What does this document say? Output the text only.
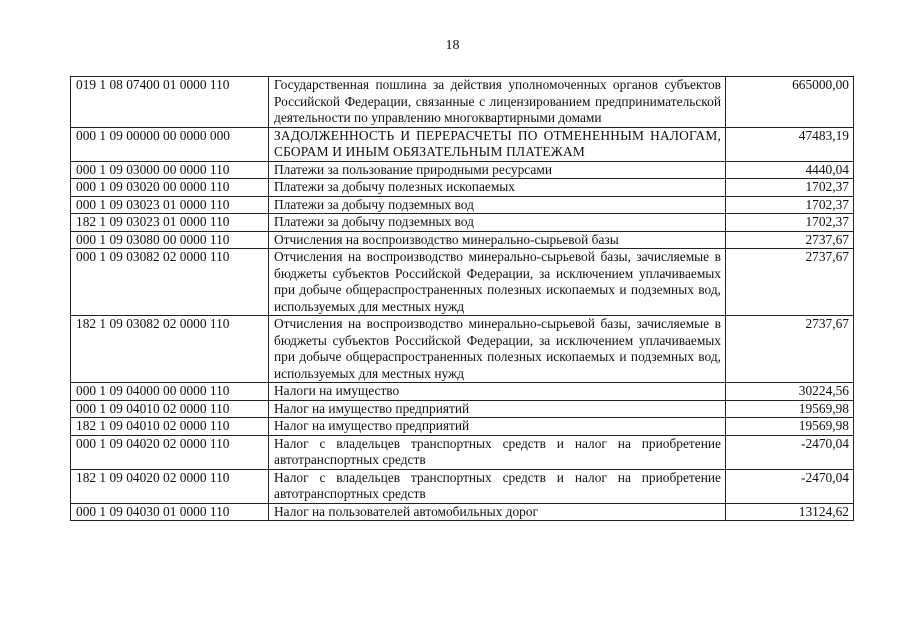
18
019 1 08 07400 01 0000 110	Государственная пошлина за действия уполномоченных органов субъектов Российской Федерации, связанные с лицензированием предпринимательской деятельности по управлению многоквартирными домами	665000,00
000 1 09 00000 00 0000 000	ЗАДОЛЖЕННОСТЬ И ПЕРЕРАСЧЕТЫ ПО ОТМЕНЕННЫМ НАЛОГАМ, СБОРАМ И ИНЫМ ОБЯЗАТЕЛЬНЫМ ПЛАТЕЖАМ	47483,19
000 1 09 03000 00 0000 110	Платежи за пользование природными ресурсами	4440,04
000 1 09 03020 00 0000 110	Платежи за добычу полезных ископаемых	1702,37
000 1 09 03023 01 0000 110	Платежи за добычу подземных вод	1702,37
182 1 09 03023 01 0000 110	Платежи за добычу подземных вод	1702,37
000 1 09 03080 00 0000 110	Отчисления на воспроизводство минерально-сырьевой базы	2737,67
000 1 09 03082 02 0000 110	Отчисления на воспроизводство минерально-сырьевой базы, зачисляемые в бюджеты субъектов Российской Федерации, за исключением уплачиваемых при добыче общераспространенных полезных ископаемых и подземных вод, используемых для местных нужд	2737,67
182 1 09 03082 02 0000 110	Отчисления на воспроизводство минерально-сырьевой базы, зачисляемые в бюджеты субъектов Российской Федерации, за исключением уплачиваемых при добыче общераспространенных полезных ископаемых и подземных вод, используемых для местных нужд	2737,67
000 1 09 04000 00 0000 110	Налоги на имущество	30224,56
000 1 09 04010 02 0000 110	Налог на имущество предприятий	19569,98
182 1 09 04010 02 0000 110	Налог на имущество предприятий	19569,98
000 1 09 04020 02 0000 110	Налог с владельцев транспортных средств и налог на приобретение автотранспортных средств	-2470,04
182 1 09 04020 02 0000 110	Налог с владельцев транспортных средств и налог на приобретение автотранспортных средств	-2470,04
000 1 09 04030 01 0000 110	Налог на пользователей автомобильных дорог	13124,62
